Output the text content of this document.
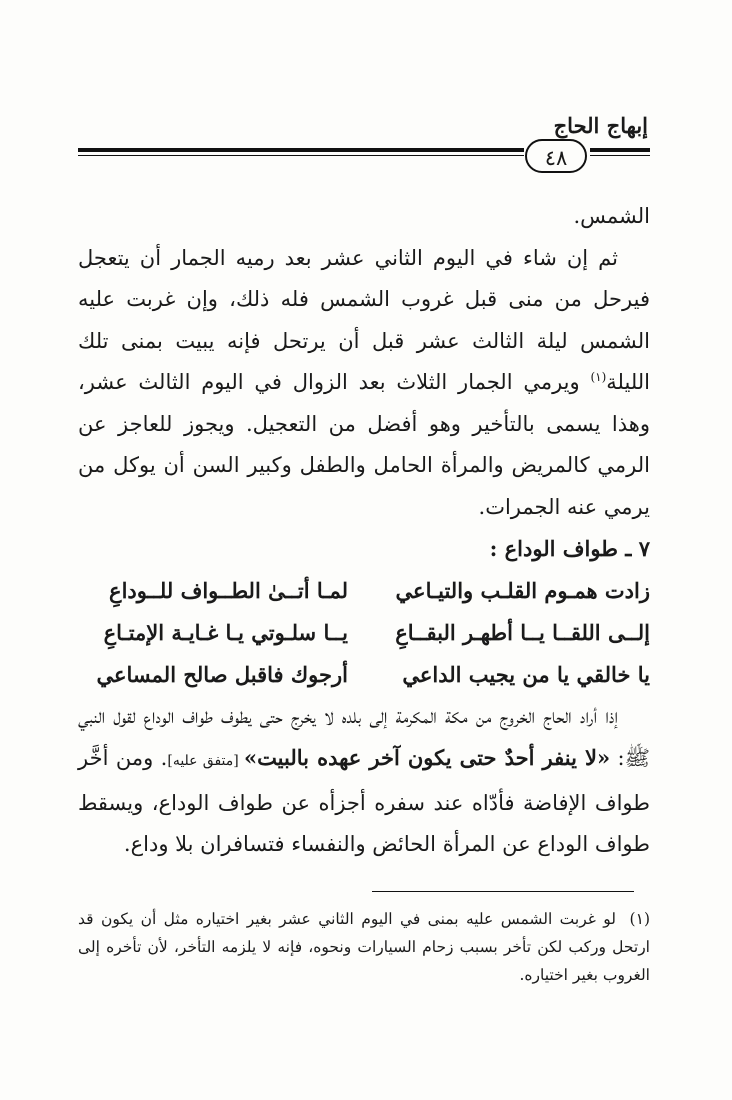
إبهاج الحاج
٤٨

الشمس.

ثم إن شاء في اليوم الثاني عشر بعد رميه الجمار أن يتعجل فيرحل من منى قبل غروب الشمس فله ذلك، وإن غربت عليه الشمس ليلة الثالث عشر قبل أن يرتحل فإنه يبيت بمنى تلك الليلة$^{(١)}$ ويرمي الجمار الثلاث بعد الزوال في اليوم الثالث عشر، وهذا يسمى بالتأخير وهو أفضل من التعجيل. ويجوز للعاجز عن الرمي كالمريض والمرأة الحامل والطفل وكبير السن أن يوكل من يرمي عنه الجمرات.

٧ ـ طواف الوداع :

زادت همـوم القلـب والتيـاعي
لمـا أتــىٰ الطــواف للــوداعِ
إلــى اللقــا يــا أطهـر البقــاعِ
يــا سلـوتي يـا غـايـة الإمتـاعِ
يا خالقي يا من يجيب الداعي
أرجوك فاقبل صالح المساعي

إذا أراد الحاج الخروج من مكة المكرمة إلى بلده لا يخرج حتى يطوف طواف الوداع لقول النبي ﷺ: «لا ينفر أحدٌ حتى يكون آخر عهده بالبيت» [متفق عليه]. ومن أخَّر طواف الإفاضة فأدّاه عند سفره أجزأه عن طواف الوداع، ويسقط طواف الوداع عن المرأة الحائض والنفساء فتسافران بلا وداع.

(١)لو غربت الشمس عليه بمنى في اليوم الثاني عشر بغير اختياره مثل أن يكون قد ارتحل وركب لكن تأخر بسبب زحام السيارات ونحوه، فإنه لا يلزمه التأخر، لأن تأخره إلى الغروب بغير اختياره.
